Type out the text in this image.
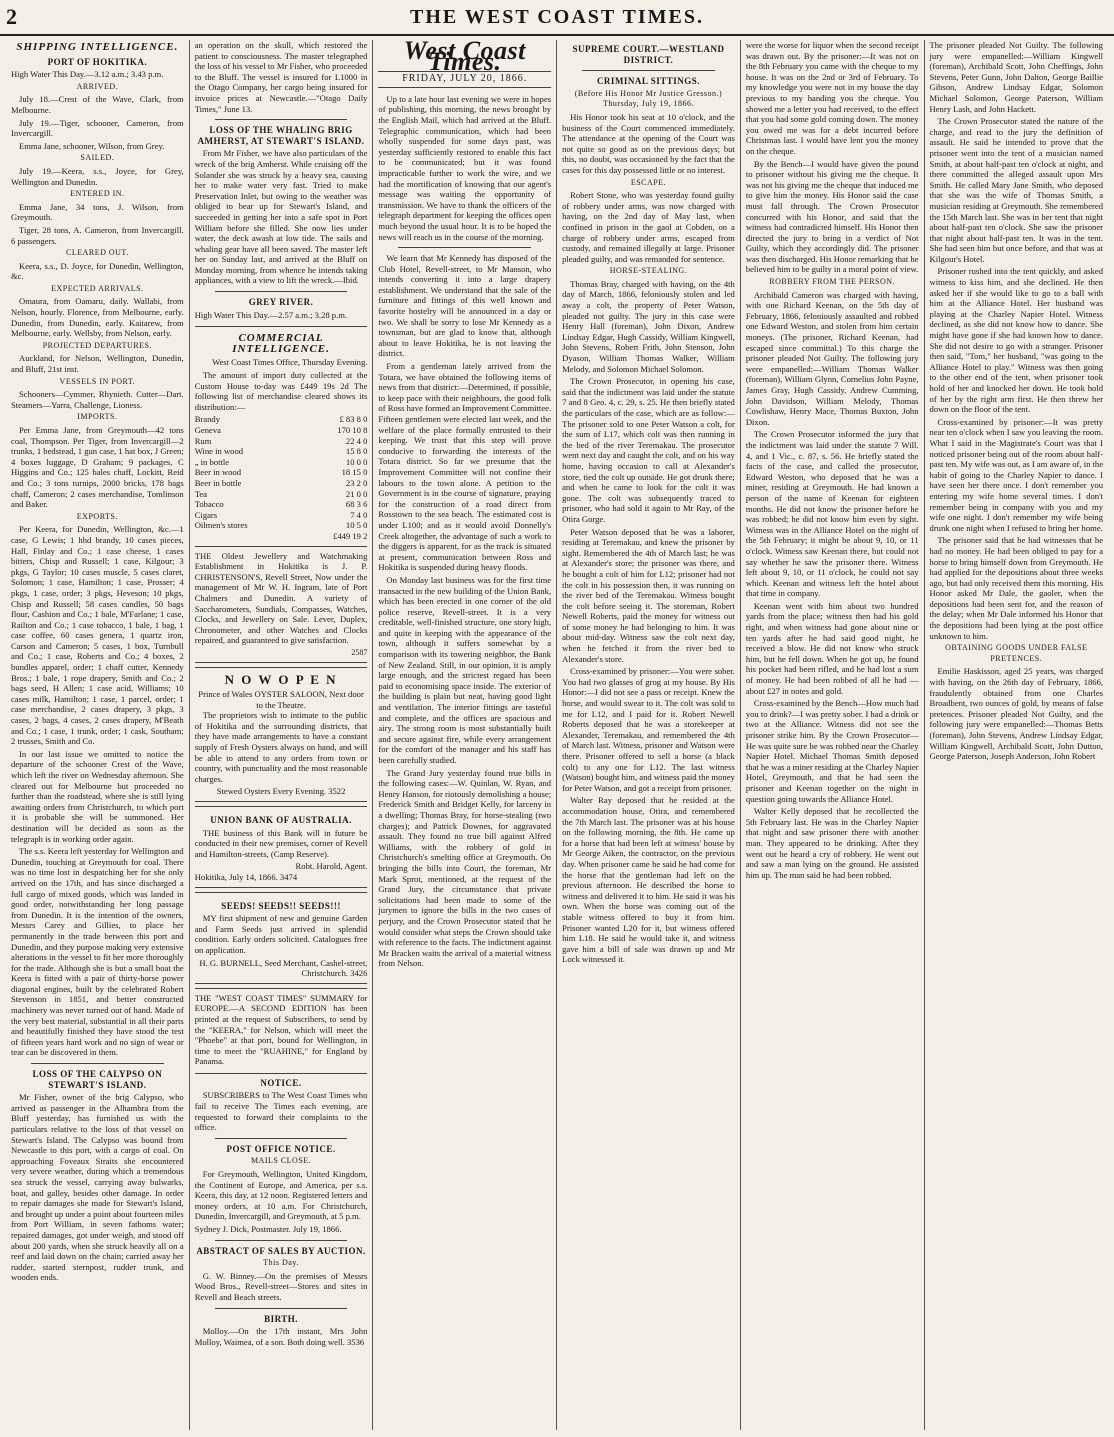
2	THE WEST COAST TIMES.
SHIPPING INTELLIGENCE.
PORT OF HOKITIKA.

High Water This Day.—3.12 a.m.; 3.43 p.m.

ARRIVED.

July 18.—Crest of the Wave, Clark, from Melbourne.

July 19.—Tiger, schooner, Cameron, from Invercargill.

Emma Jane, schooner, Wilson, from Grey.

SAILED.

July 19.—Keera, s.s., Joyce, for Grey, Wellington and Dunedin.

ENTERED IN.

Emma Jane, 34 tons, J. Wilson, from Greymouth.

Tiger, 28 tons, A. Cameron, from Invercargill. 6 passengers.

CLEARED OUT.

Keera, s.s., D. Joyce, for Dunedin, Wellington, &c.

EXPECTED ARRIVALS.

Omaura, from Oamaru, daily. Wallabi, from Nelson, hourly. Florence, from Melbourne, early. Dunedin, from Dunedin, early. Kaitarew, from Melbourne, early. Wellsby, from Nelson, early.

PROJECTED DEPARTURES.

Auckland, for Nelson, Wellington, Dunedin, and Bluff, 21st inst.

VESSELS IN PORT.

Schooners—Cymmer, Rhynieth. Cutter—Dart. Steamers—Yarra, Challenge, Lioness.

IMPORTS.

Per Emma Jane, from Greymouth—42 tons coal, Thompson. Per Tiger, from Invercargill—2 trunks, 1 bedstead, 1 gun case, 1 hat box, J Green; 4 boxes luggage, D Graham; 9 packages, C Higgins and Co.; 125 bales chaff, Lockitt, Reid and Co.; 3 tons turnips, 2000 bricks, 178 bags chaff, Cameron; 2 cases merchandise, Tomlinson and Baker.

EXPORTS.

Per Keera, for Dunedin, Wellington, &c.—1 case, G Lewis; 1 hhd brandy, 10 cases pieces, Hall, Finlay and Co.; 1 case cheese, 1 cases bitters, Chisp and Russell; 1 case, Kilgour; 3 pkgs, G Taylor; 10 cases muscle, 5 cases claret, Solomon; 1 case, Hamilton; 1 case, Prosser; 4 pkgs, 1 case, order; 3 pkgs, Heveson; 10 pkgs, Chisp and Russell; 58 cases candles, 50 bags flour, Cashion and Co.; 1 bale, M'Farlane; 1 case, Railton and Co.; 1 case tobacco, 1 bale, 1 bag, 1 case coffee, 60 cases genera, 1 quartz iron, Carson and Cameron; 5 cases, 1 box, Turnbull and Co.; 1 case, Roberts and Co.; 4 boxes, 2 bundles apparel, order; 1 chaff cutter, Kennedy Bros.; 1 bale, 1 rope drapery, Smith and Co.; 2 bags seed, H Allen; 1 case acid, Williams; 10 cases milk, Hamilton; 1 case, 1 parcel, order; 1 case merchandise, 2 cases drapery, 3 pkgs, 3 cases, 2 bags, 4 cases, 2 cases drapery, M'Beath and Co.; 1 case, 1 trunk, order; 1 cask, Southam; 2 trusses, Smith and Co.

In our last issue we omitted to notice the departure of the schooner Crest of the Wave, which left the river on Wednesday afternoon. She cleared out for Melbourne but proceeded no further than the roadstead, where she is still lying awaiting orders from Christchurch, to which port it is probable she will be summoned. Her destination will be decided as soon as the telegraph is in working order again.

The s.s. Keera left yesterday for Wellington and Dunedin, touching at Greymouth for coal. There was no time lost in despatching her for she only arrived on the 17th, and has since discharged a full cargo of mixed goods, which was landed in good order, notwithstanding her long passage from Dunedin. It is the intention of the owners, Messrs Carey and Gillies, to place her permanently in the trade between this port and Dunedin, and they purpose making very extensive alterations in the vessel to fit her more thoroughly for the trade. Although she is but a small boat the Keera is fitted with a pair of thirty-horse power diagonal engines, built by the celebrated Robert Stevenson in 1851, and better constructed machinery was never turned out of hand. Made of the very best material, substantial in all their parts and beautifully finished they have stood the test of fifteen years hard work and no sign of wear or tear can be discovered in them.

LOSS OF THE CALYPSO ON STEWART'S ISLAND.

Mr Fisher, owner of the brig Calypso, who arrived as passenger in the Alhambra from the Bluff yesterday, has furnished us with the particulars relative to the loss of that vessel on Stewart's Island. The Calypso was bound from Newcastle to this port, with a cargo of coal. On approaching Foveaux Straits she encountered very severe weather, during which a tremendous sea struck the vessel, carrying away bulwarks, boat, and galley, besides other damage. In order to repair damages she made for Stewart's Island, and brought up under a point about fourteen miles from Port William, in seven fathoms water; repaired damages, got under weigh, and stood off about 200 yards, when she struck heavily all on a reef and laid down on the chain; carried away her rudder, started sternpost, rudder trunk, and wooden ends.

an operation on the skull, which restored the patient to consciousness. The master telegraphed the loss of his vessel to Mr Fisher, who proceeded to the Bluff. The vessel is insured for L1000 in the Otago Company, her cargo being insured for invoice prices at Newcastle.—"Otago Daily Times," June 13.

LOSS OF THE WHALING BRIG AMHERST, AT STEWART'S ISLAND.

From Mr Fisher, we have also particulars of the wreck of the brig Amherst. While cruising off the Solander she was struck by a heavy sea, causing her to make water very fast. Tried to make Preservation Inlet, but owing to the weather was obliged to bear up for Stewart's Island, and succeeded in getting her into a safe spot in Port William before she filled. She now lies under water, the deck awash at low tide. The sails and whaling gear have all been saved. The master left her on Sunday last, and arrived at the Bluff on Monday morning, from whence he intends taking appliances, with a view to lift the wreck.—Ibid.

GREY RIVER.

High Water This Day.—2.57 a.m.; 3.28 p.m.

COMMERCIAL INTELLIGENCE.

West Coast Times Office, Thursday Evening.

The amount of import duty collected at the Custom House to-day was £449 19s 2d The following list of merchandise cleared shows its distribution:—

Brandy	£ 83 8 0
Geneva	170 10 8
Rum	22 4 0
Wine in wood	15 8 0
„ in bottle	10 0 0
Beer in wood	18 15 0
Beer in bottle	23 2 0
Tea	21 0 0
Tobacco	68 3 6
Cigars	7 4 0
Oilmen's stores	10 5 0

£449 19 2

THE Oldest Jewellery and Watchmaking Establishment in Hokitika is J. P. CHRISTENSON'S, Revell Street, Now under the management of Mr W. H. Ingram, late of Port Chalmers and Dunedin. A variety of Saccharometers, Sundials, Compasses, Watches, Clocks, and Jewellery on Sale. Lever, Duplex, Chronometer, and other Watches and Clocks repaired, and guaranteed to give satisfaction.

2587
N O W O P E N
Prince of Wales OYSTER SALOON, Next door to the Theatre.

The proprietors wish to intimate to the public of Hokitika and the surrounding districts, that they have made arrangements to have a constant supply of Fresh Oysters always on hand, and will be able to attend to any orders from town or country, with punctuality and the most reasonable charges.

Stewed Oysters Every Evening. 3522
UNION BANK OF AUSTRALIA.

THE business of this Bank will in future be conducted in their new premises, corner of Revell and Hamilton-streets, (Camp Reserve).

Robt. Harold, Agent.
Hokitika, July 14, 1866. 3474
SEEDS! SEEDS!! SEEDS!!!

MY first shipment of new and genuine Garden and Farm Seeds just arrived in splendid condition. Early orders solicited. Catalogues free on application.

H. G. BURNELL, Seed Merchant, Cashel-street, Christchurch. 3426

THE "WEST COAST TIMES" SUMMARY for EUROPE.—A SECOND EDITION has been printed at the request of Subscribers, to send by the "KEERA," for Nelson, which will meet the "Phoebe" at that port, bound for Wellington, in time to meet the "RUAHINE," for England by Panama.

NOTICE.

SUBSCRIBERS to The West Coast Times who fail to receive The Times each evening, are requested to forward their complaints to the office.

POST OFFICE NOTICE.
MAILS CLOSE.

For Greymouth, Wellington, United Kingdom, the Continent of Europe, and America, per s.s. Keera, this day, at 12 noon. Registered letters and money orders, at 10 a.m. For Christchurch, Dunedin, Invercargill, and Greymouth, at 5 p.m.

Sydney J. Dick, Postmaster. July 19, 1866.
ABSTRACT OF SALES BY AUCTION.
This Day.

G. W. Binney.—On the premises of Messrs Wood Bros., Revell-street—Stores and sites in Revell and Beach streets.

BIRTH.

Molloy.—On the 17th instant, Mrs John Molloy, Waimea, of a son. Both doing well. 3536

West Coast Times.
FRIDAY, JULY 20, 1866.

Up to a late hour last evening we were in hopes of publishing, this morning, the news brought by the English Mail, which had arrived at the Bluff. Telegraphic communication, which had been wholly suspended for some days past, was yesterday sufficiently restored to enable this fact to be communicated; but it was found impracticable further to work the wire, and we had the mortification of knowing that our agent's message was waiting the opportunity of transmission. We have to thank the officers of the telegraph department for keeping the offices open much beyond the usual hour. It is to be hoped the news will reach us in the course of the morning.

We learn that Mr Kennedy has disposed of the Club Hotel, Revell-street, to Mr Manson, who intends converting it into a large drapery establishment. We understand that the sale of the furniture and fittings of this well known and favorite hostelry will be announced in a day or two. We shall be sorry to lose Mr Kennedy as a townsman, but are glad to know that, although about to leave Hokitika, he is not leaving the district.

From a gentleman lately arrived from the Totara, we have obtained the following items of news from that district:—Determined, if possible, to keep pace with their neighbours, the good folk of Ross have formed an Improvement Committee. Fifteen gentlemen were elected last week, and the welfare of the place formally entrusted to their keeping. We trust that this step will prove conducive to forwarding the interests of the Totara district. So far we presume that the Improvement Committee will not confine their labours to the town alone. A petition to the Government is in the course of signature, praying for the construction of a road direct from Rosstown to the sea beach. The estimated cost is under L100; and as it would avoid Donnelly's Creek altogether, the advantage of such a work to the diggers is apparent, for as the track is situated at present, communication between Ross and Hokitika is suspended during heavy floods.

On Monday last business was for the first time transacted in the new building of the Union Bank, which has been erected in one corner of the old police reserve, Revell-street. It is a very creditable, well-finished structure, one story high, and quite in keeping with the appearance of the town, although it suffers somewhat by a comparison with its towering neighbor, the Bank of New Zealand. Still, in our opinion, it is amply large enough, and the strictest regard has been paid to economising space inside. The exterior of the building is plain but neat, having good light and ventilation. The interior fittings are tasteful and complete, and the offices are spacious and airy. The strong room is most substantially built and secure against fire, while every arrangement for the comfort of the manager and his staff has been carefully studied.

The Grand Jury yesterday found true bills in the following cases:—W. Quinlan, W. Ryan, and Henry Hanson, for riotously demolishing a house; Frederick Smith and Bridget Kelly, for larceny in a dwelling; Thomas Bray, for horse-stealing (two charges); and Patrick Downes, for aggravated assault. They found no true bill against Alfred Williams, with the robbery of gold in Christchurch's smelting office at Greymouth. On bringing the bills into Court, the foreman, Mr Mark Sprot, mentioned, at the request of the Grand Jury, the circumstance that private solicitations had been made to some of the jurymen to ignore the bills in the two cases of perjury, and the Crown Prosecutor stated that he would consider what steps the Crown should take with reference to the facts. The indictment against Mr Bracken waits the arrival of a material witness from Nelson.

SUPREME COURT.—WESTLAND DISTRICT.
CRIMINAL SITTINGS.
(Before His Honor Mr Justice Gresson.) Thursday, July 19, 1866.

His Honor took his seat at 10 o'clock, and the business of the Court commenced immediately. The attendance at the opening of the Court was not quite so good as on the previous days; but this, no doubt, was occasioned by the fact that the cases for this day possessed little or no interest.

ESCAPE.

Robert Stone, who was yesterday found guilty of robbery under arms, was now charged with having, on the 2nd day of May last, when confined in prison in the gaol at Cobden, on a charge of robbery under arms, escaped from custody, and remained illegally at large. Prisoner pleaded guilty, and was remanded for sentence.

HORSE-STEALING.

Thomas Bray, charged with having, on the 4th day of March, 1866, feloniously stolen and led away a colt, the property of Peter Watson, pleaded not guilty. The jury in this case were Henry Hall (foreman), John Dixon, Andrew Lindsay Edgar, Hugh Cassidy, William Kingwell, John Stevens, Robert Frith, John Stenson, John Dyason, William Thomas Walker, William Melody, and Solomon Michael Solomon.

The Crown Prosecutor, in opening his case, said that the indictment was laid under the statute 7 and 8 Geo. 4, c. 29, s. 25. He then briefly stated the particulars of the case, which are as follow:—The prisoner sold to one Peter Watson a colt, for the sum of L17, which colt was then running in the bed of the river Teremakau. The prosecutor went next day and caught the colt, and on his way home, having occasion to call at Alexander's store, tied the colt up outside. He got drunk there; and when he came to look for the colt it was gone. The colt was subsequently traced to prisoner, who had sold it again to Mr Ray, of the Otira Gorge.

Peter Watson deposed that he was a laborer, residing at Teremakau, and knew the prisoner by sight. Remembered the 4th of March last; he was at Alexander's store; the prisoner was there, and he bought a colt of him for L12; prisoner had not the colt in his possession then, it was running on the river bed of the Teremakau. Witness bought the colt before seeing it. The storeman, Robert Newell Roberts, paid the money for witness out of some money he had belonging to him. It was about mid-day. Witness saw the colt next day, when he fetched it from the river bed to Alexander's store.

Cross-examined by prisoner:—You were sober. You had two glasses of grog at my house. By His Honor:—I did not see a pass or receipt. Knew the horse, and would swear to it. The colt was sold to me for L12, and I paid for it. Robert Newell Roberts deposed that he was a storekeeper at Alexander, Teremakau, and remembered the 4th of March last. Witness, prisoner and Watson were there. Prisoner offered to sell a horse (a black colt) to any one for L12. The last witness (Watson) bought him, and witness paid the money for Peter Watson, and got a receipt from prisoner.

Walter Ray deposed that he resided at the accommodation house, Otira, and remembered the 7th March last. The prisoner was at his house on the following morning, the 8th. He came up for a horse that had been left at witness' house by Mr George Aiken, the contractor, on the previous day. When prisoner came he said he had come for the horse that the gentleman had left on the previous afternoon. He described the horse to witness and delivered it to him. He said it was his own. When the horse was coming out of the stable witness offered to buy it from him. Prisoner wanted L20 for it, but witness offered him L18. He said he would take it, and witness gave him a bill of sale was drawn up and Mr Lock witnessed it.

were the worse for liquor when the second receipt was drawn out. By the prisoner:—It was not on the 8th February you came with the cheque to my house. It was on the 2nd or 3rd of February. To my knowledge you were not in my house the day previous to my handing you the cheque. You showed me a letter you had received, to the effect that you had some gold coming down. The money you owed me was for a debt incurred before Christmas last. I would have lent you the money on the cheque.

By the Bench—I would have given the pound to prisoner without his giving me the cheque. It was not his giving me the cheque that induced me to give him the money. His Honor said the case must fall through. The Crown Prosecutor concurred with his Honor, and said that the witness had contradicted himself. His Honor then directed the jury to bring in a verdict of Not Guilty, which they accordingly did. The prisoner was then discharged. His Honor remarking that he believed him to be guilty in a moral point of view.

ROBBERY FROM THE PERSON.

Archibald Cameron was charged with having, with one Richard Keenan, on the 5th day of February, 1866, feloniously assaulted and robbed one Edward Weston, and stolen from him certain moneys. (The prisoner, Richard Keenan, had escaped since committal.) To this charge the prisoner pleaded Not Guilty. The following jury were empanelled:—William Thomas Walker (foreman), William Glynn, Cornelius John Payne, James Gray, Hugh Cassidy, Andrew Cumming, John Davidson, William Melody, Thomas Cowlishaw, Henry Mace, Thomas Buxton, John Dixon.

The Crown Prosecutor informed the jury that the indictment was laid under the statute 7 Will. 4, and 1 Vic., c. 87, s. 56. He briefly stated the facts of the case, and called the prosecutor, Edward Weston, who deposed that he was a miner, residing at Greymouth. He had known a person of the name of Keenan for eighteen months. He did not know the prisoner before he was robbed; he did not know him even by sight. Witness was in the Alliance Hotel on the night of the 5th February; it might be about 9, 10, or 11 o'clock. Witness saw Keenan there, but could not say whether he saw the prisoner there. Witness left about 9, 10, or 11 o'clock, he could not say which. Keenan and witness left the hotel about that time in company.

Keenan went with him about two hundred yards from the place; witness then had his gold right, and when witness had gone about nine or ten yards after he had said good night, he received a blow. He did not know who struck him, but he fell down. When he got up, he found his pocket had been rifled, and he had lost a sum of money. He had been robbed of all he had — about £27 in notes and gold.

Cross-examined by the Bench—How much had you to drink?—I was pretty sober. I had a drink or two at the Alliance. Witness did not see the prisoner strike him. By the Crown Prosecutor—He was quite sure he was robbed near the Charley Napier Hotel. Michael Thomas Smith deposed that he was a miner residing at the Charley Napier Hotel, Greymouth, and that he had seen the prisoner and Keenan together on the night in question going towards the Alliance Hotel.

Walter Kelly deposed that he recollected the 5th February last. He was in the Charley Napier that night and saw prisoner there with another man. They appeared to be drinking. After they went out he heard a cry of robbery. He went out and saw a man lying on the ground. He assisted him up. The man said he had been robbed.

The prisoner pleaded Not Guilty. The following jury were empanelled:—William Kingwell (foreman), Archibald Scott, John Cheffings, John Stevens, Peter Gunn, John Dalton, George Baillie Gibson, Andrew Lindsay Edgar, Solomon Michael Solomon, George Paterson, William Henry Lash, and John Hackett.

The Crown Prosecutor stated the nature of the charge, and read to the jury the definition of assault. He said he intended to prove that the prisoner went into the tent of a musician named Smith, at about half-past ten o'clock at night, and there committed the alleged assault upon Mrs Smith. He called Mary Jane Smith, who deposed that she was the wife of Thomas Smith, a musician residing at Greymouth. She remembered the 15th March last. She was in her tent that night about half-past ten o'clock. She saw the prisoner that night about half-past ten. It was in the tent. She had seen him but once before, and that was at Kilgour's Hotel.

Prisoner rushed into the tent quickly, and asked witness to kiss him, and she declined. He then asked her if she would like to go to a ball with him at the Alliance Hotel. Her husband was playing at the Charley Napier Hotel. Witness declined, as she did not know how to dance. She might have gone if she had known how to dance. She did not desire to go with a stranger. Prisoner then said, "Tom," her husband, "was going to the Alliance Hotel to play." Witness was then going to the other end of the tent, when prisoner took hold of her and knocked her down. He took hold of her by the right arm first. He then threw her down on the floor of the tent.

Cross-examined by prisoner:—It was pretty near ten o'clock when I saw you leaving the room. What I said in the Magistrate's Court was that I noticed prisoner being out of the room about half-past ten. My wife was out, as I am aware of, in the habit of going to the Charley Napier to dance. I have seen her there once. I don't remember you entering my wife home several times. I don't remember being in company with you and my wife one night. I don't remember my wife being drunk one night when I refused to bring her home.

The prisoner said that he had witnesses that he had no money. He had been obliged to pay for a horse to bring himself down from Greymouth. He had applied for the depositions about three weeks ago, but had only received them this morning. His Honor asked Mr Dale, the gaoler, when the depositions had been sent for, and the reason of the delay; when Mr Dale informed his Honor that the depositions had been lying at the post office unknown to him.

OBTAINING GOODS UNDER FALSE PRETENCES.

Emilie Haskisson, aged 25 years, was charged with having, on the 26th day of February, 1866, fraudulently obtained from one Charles Broadbent, two ounces of gold, by means of false pretences. Prisoner pleaded Not Guilty, and the following jury were empanelled:—Thomas Betts (foreman), John Stevens, Andrew Lindsay Edgar, William Kingwell, Archibald Scott, John Dutton, George Paterson, Joseph Anderson, John Robert
